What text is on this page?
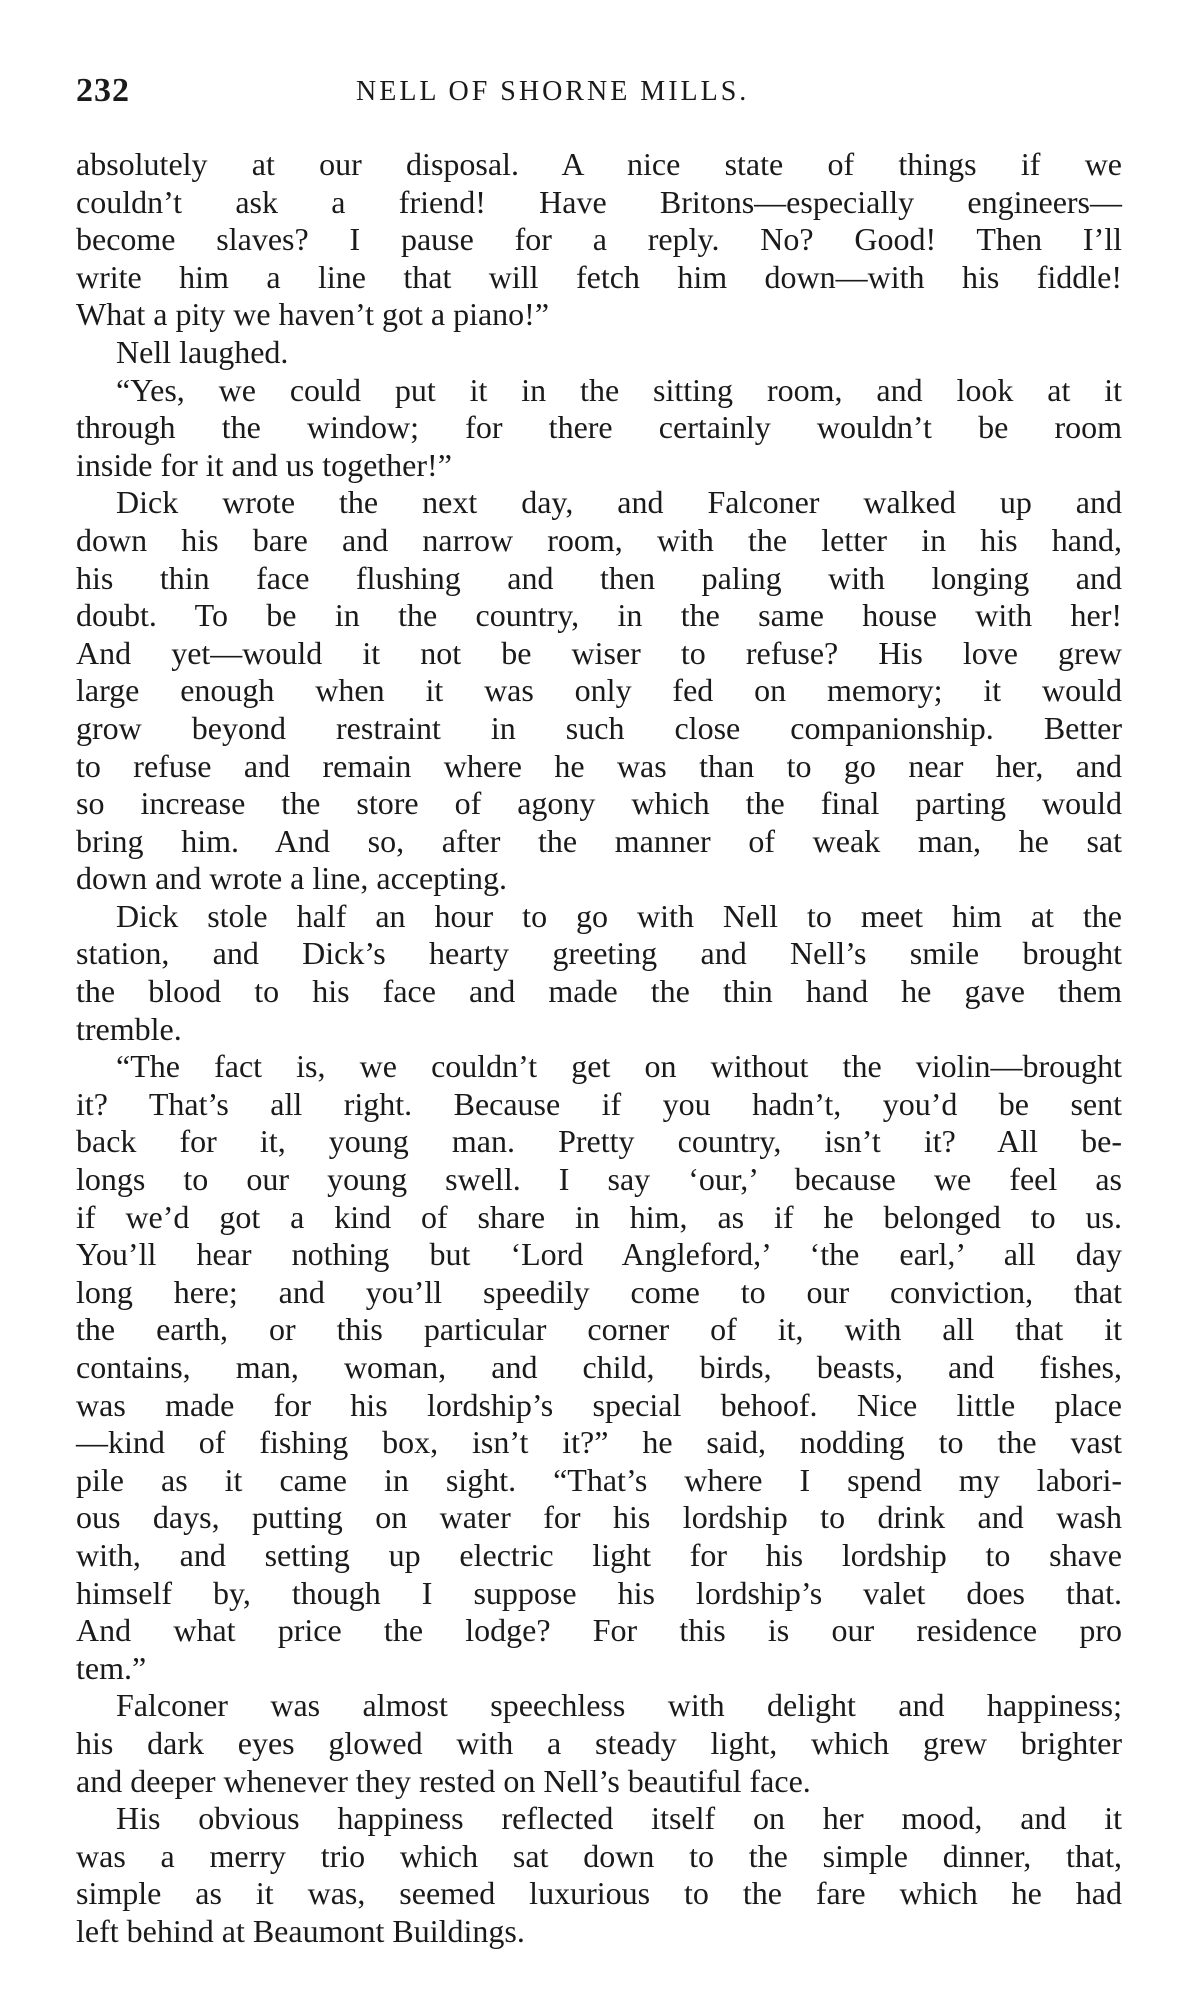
232	NELL OF SHORNE MILLS.
absolutely at our disposal. A nice state of things if we
couldn’t ask a friend! Have Britons—especially engineers—
become slaves? I pause for a reply. No? Good! Then I’ll
write him a line that will fetch him down—with his fiddle!
What a pity we haven’t got a piano!”
Nell laughed.
“Yes, we could put it in the sitting room, and look at it
through the window; for there certainly wouldn’t be room
inside for it and us together!”
Dick wrote the next day, and Falconer walked up and
down his bare and narrow room, with the letter in his hand,
his thin face flushing and then paling with longing and
doubt. To be in the country, in the same house with her!
And yet—would it not be wiser to refuse? His love grew
large enough when it was only fed on memory; it would
grow beyond restraint in such close companionship. Better
to refuse and remain where he was than to go near her, and
so increase the store of agony which the final parting would
bring him. And so, after the manner of weak man, he sat
down and wrote a line, accepting.
Dick stole half an hour to go with Nell to meet him at the
station, and Dick’s hearty greeting and Nell’s smile brought
the blood to his face and made the thin hand he gave them
tremble.
“The fact is, we couldn’t get on without the violin—brought
it? That’s all right. Because if you hadn’t, you’d be sent
back for it, young man. Pretty country, isn’t it? All be-
longs to our young swell. I say ‘our,’ because we feel as
if we’d got a kind of share in him, as if he belonged to us.
You’ll hear nothing but ‘Lord Angleford,’ ‘the earl,’ all day
long here; and you’ll speedily come to our conviction, that
the earth, or this particular corner of it, with all that it
contains, man, woman, and child, birds, beasts, and fishes,
was made for his lordship’s special behoof. Nice little place
—kind of fishing box, isn’t it?” he said, nodding to the vast
pile as it came in sight. “That’s where I spend my labori-
ous days, putting on water for his lordship to drink and wash
with, and setting up electric light for his lordship to shave
himself by, though I suppose his lordship’s valet does that.
And what price the lodge? For this is our residence pro
tem.”
Falconer was almost speechless with delight and happiness;
his dark eyes glowed with a steady light, which grew brighter
and deeper whenever they rested on Nell’s beautiful face.
His obvious happiness reflected itself on her mood, and it
was a merry trio which sat down to the simple dinner, that,
simple as it was, seemed luxurious to the fare which he had
left behind at Beaumont Buildings.
